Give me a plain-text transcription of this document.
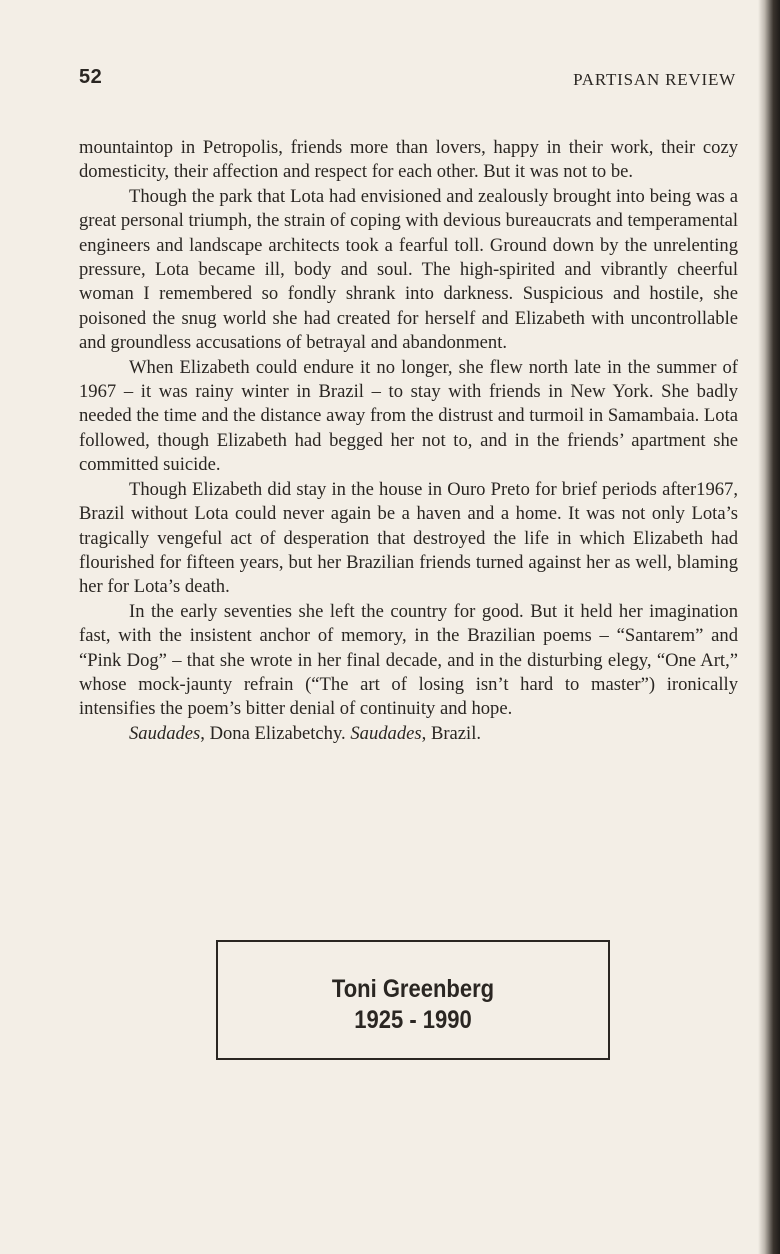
52	PARTISAN REVIEW

mountaintop in Petropolis, friends more than lovers, happy in their work, their cozy domesticity, their affection and respect for each other. But it was not to be.

Though the park that Lota had envisioned and zealously brought into being was a great personal triumph, the strain of coping with devious bureaucrats and temperamental engineers and landscape architects took a fearful toll. Ground down by the unrelenting pressure, Lota became ill, body and soul. The high-spirited and vibrantly cheerful woman I remembered so fondly shrank into darkness. Suspicious and hostile, she poisoned the snug world she had created for herself and Elizabeth with uncontrollable and groundless accusations of betrayal and abandonment.

When Elizabeth could endure it no longer, she flew north late in the summer of 1967 – it was rainy winter in Brazil – to stay with friends in New York. She badly needed the time and the distance away from the distrust and turmoil in Samambaia. Lota followed, though Elizabeth had begged her not to, and in the friends’ apartment she committed suicide.

Though Elizabeth did stay in the house in Ouro Preto for brief periods after1967, Brazil without Lota could never again be a haven and a home. It was not only Lota’s tragically vengeful act of desperation that destroyed the life in which Elizabeth had flourished for fifteen years, but her Brazilian friends turned against her as well, blaming her for Lota’s death.

In the early seventies she left the country for good. But it held her imagination fast, with the insistent anchor of memory, in the Brazilian poems – “Santarem” and “Pink Dog” – that she wrote in her final decade, and in the disturbing elegy, “One Art,” whose mock-jaunty refrain (“The art of losing isn’t hard to master”) ironically intensifies the poem’s bitter denial of continuity and hope.

Saudades, Dona Elizabetchy. Saudades, Brazil.

Toni Greenberg
1925 - 1990
